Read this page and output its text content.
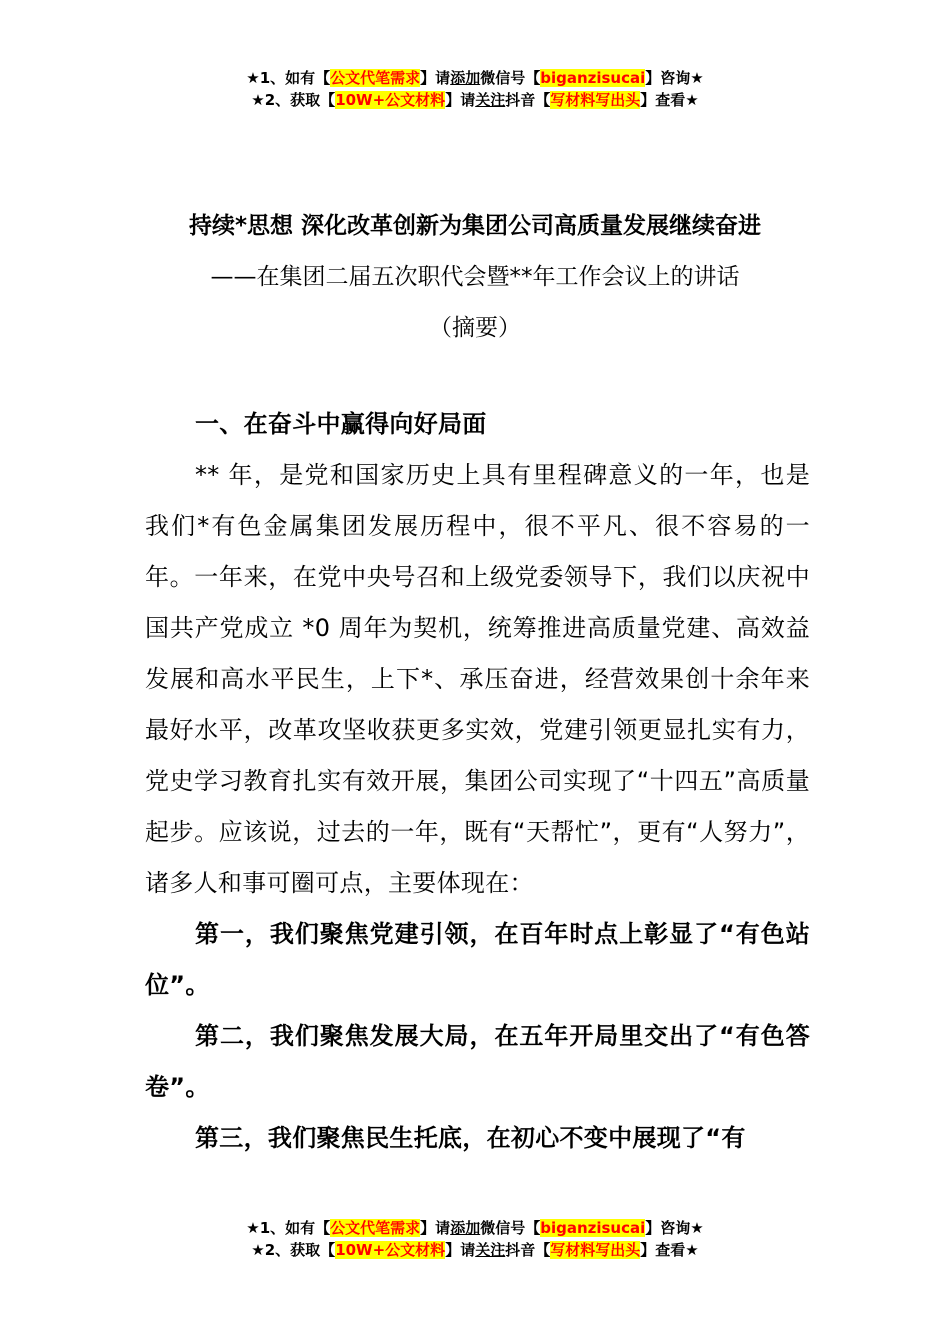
★1、如有【公文代笔需求】请添加微信号【biganzisucai】咨询★
★2、获取【10W+公文材料】请关注抖音【写材料写出头】查看★
持续*思想 深化改革创新为集团公司高质量发展继续奋进
——在集团二届五次职代会暨**年工作会议上的讲话
（摘要）

一、在奋斗中赢得向好局面

** 年，是党和国家历史上具有里程碑意义的一年，也是我们*有色金属集团发展历程中，很不平凡、很不容易的一年。一年来，在党中央号召和上级党委领导下，我们以庆祝中国共产党成立 *0 周年为契机，统筹推进高质量党建、高效益发展和高水平民生，上下*、承压奋进，经营效果创十余年来最好水平，改革攻坚收获更多实效，党建引领更显扎实有力，党史学习教育扎实有效开展，集团公司实现了“十四五”高质量起步。应该说，过去的一年，既有“天帮忙”，更有“人努力”，诸多人和事可圈可点，主要体现在：

第一，我们聚焦党建引领，在百年时点上彰显了“有色站位”。

第二，我们聚焦发展大局，在五年开局里交出了“有色答卷”。

第三，我们聚焦民生托底，在初心不变中展现了“有

★1、如有【公文代笔需求】请添加微信号【biganzisucai】咨询★
★2、获取【10W+公文材料】请关注抖音【写材料写出头】查看★
